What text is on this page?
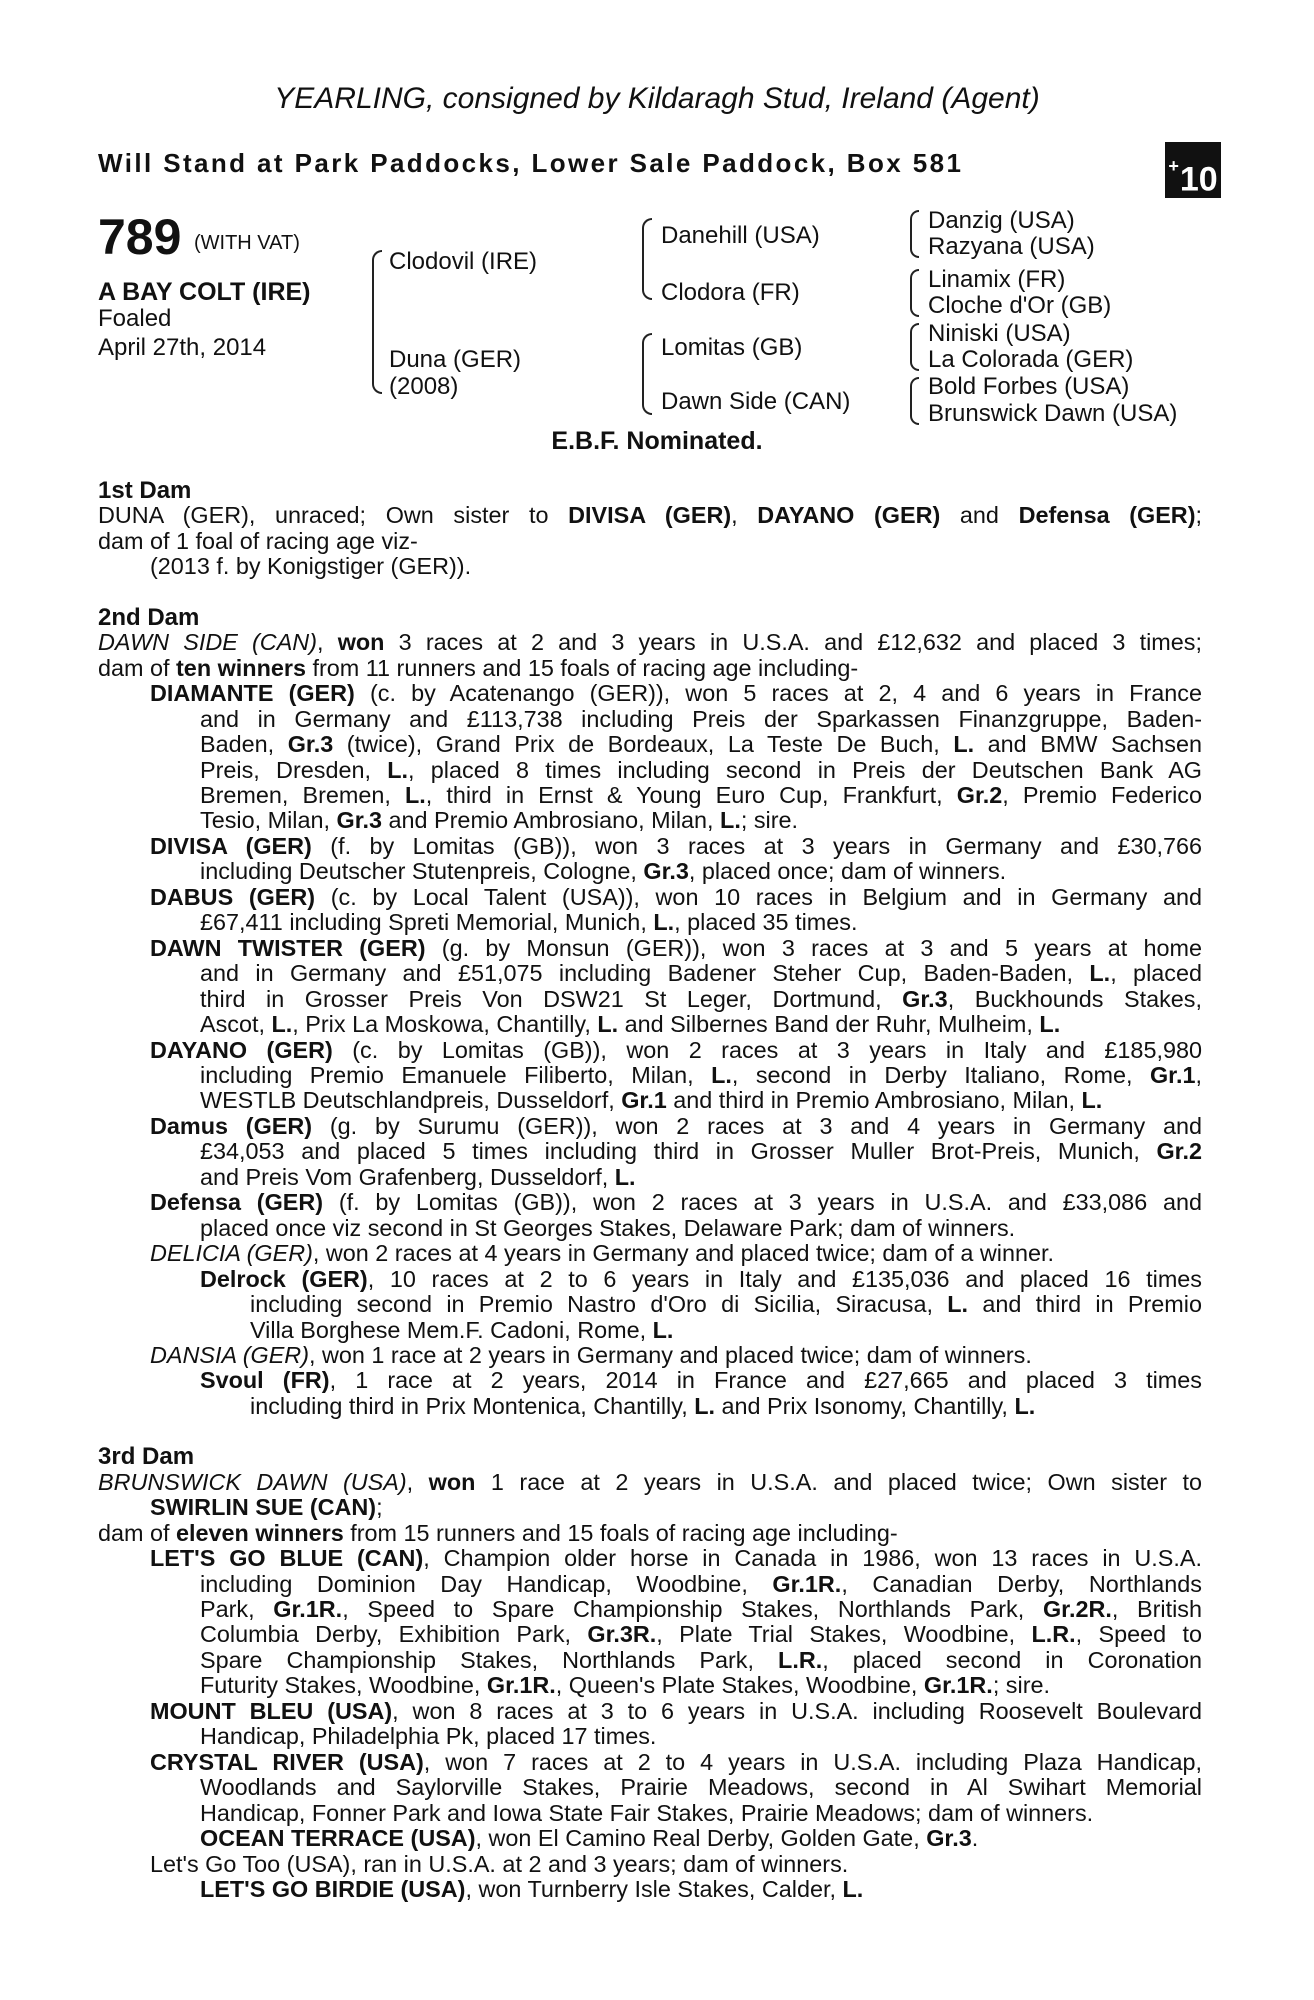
YEARLING, consigned by Kildaragh Stud, Ireland (Agent)
Will Stand at Park Paddocks, Lower Sale Paddock, Box 581	+10
789 (WITH VAT)
A BAY COLT (IRE)
Foaled
April 27th, 2014
Clodovil (IRE)
Duna (GER)
(2008)
Danehill (USA)
Clodora (FR)
Lomitas (GB)
Dawn Side (CAN)
Danzig (USA)
Razyana (USA)
Linamix (FR)
Cloche d'Or (GB)
Niniski (USA)
La Colorada (GER)
Bold Forbes (USA)
Brunswick Dawn (USA)
E.B.F. Nominated.
1st Dam
DUNA (GER), unraced; Own sister to DIVISA (GER), DAYANO (GER) and Defensa (GER);
dam of 1 foal of racing age viz-
(2013 f. by Konigstiger (GER)).
2nd Dam
DAWN SIDE (CAN), won 3 races at 2 and 3 years in U.S.A. and £12,632 and placed 3 times;
dam of ten winners from 11 runners and 15 foals of racing age including-
DIAMANTE (GER) (c. by Acatenango (GER)), won 5 races at 2, 4 and 6 years in France
and in Germany and £113,738 including Preis der Sparkassen Finanzgruppe, Baden-
Baden, Gr.3 (twice), Grand Prix de Bordeaux, La Teste De Buch, L. and BMW Sachsen
Preis, Dresden, L., placed 8 times including second in Preis der Deutschen Bank AG
Bremen, Bremen, L., third in Ernst & Young Euro Cup, Frankfurt, Gr.2, Premio Federico
Tesio, Milan, Gr.3 and Premio Ambrosiano, Milan, L.; sire.
DIVISA (GER) (f. by Lomitas (GB)), won 3 races at 3 years in Germany and £30,766
including Deutscher Stutenpreis, Cologne, Gr.3, placed once; dam of winners.
DABUS (GER) (c. by Local Talent (USA)), won 10 races in Belgium and in Germany and
£67,411 including Spreti Memorial, Munich, L., placed 35 times.
DAWN TWISTER (GER) (g. by Monsun (GER)), won 3 races at 3 and 5 years at home
and in Germany and £51,075 including Badener Steher Cup, Baden-Baden, L., placed
third in Grosser Preis Von DSW21 St Leger, Dortmund, Gr.3, Buckhounds Stakes,
Ascot, L., Prix La Moskowa, Chantilly, L. and Silbernes Band der Ruhr, Mulheim, L.
DAYANO (GER) (c. by Lomitas (GB)), won 2 races at 3 years in Italy and £185,980
including Premio Emanuele Filiberto, Milan, L., second in Derby Italiano, Rome, Gr.1,
WESTLB Deutschlandpreis, Dusseldorf, Gr.1 and third in Premio Ambrosiano, Milan, L.
Damus (GER) (g. by Surumu (GER)), won 2 races at 3 and 4 years in Germany and
£34,053 and placed 5 times including third in Grosser Muller Brot-Preis, Munich, Gr.2
and Preis Vom Grafenberg, Dusseldorf, L.
Defensa (GER) (f. by Lomitas (GB)), won 2 races at 3 years in U.S.A. and £33,086 and
placed once viz second in St Georges Stakes, Delaware Park; dam of winners.
DELICIA (GER), won 2 races at 4 years in Germany and placed twice; dam of a winner.
Delrock (GER), 10 races at 2 to 6 years in Italy and £135,036 and placed 16 times
including second in Premio Nastro d'Oro di Sicilia, Siracusa, L. and third in Premio
Villa Borghese Mem.F. Cadoni, Rome, L.
DANSIA (GER), won 1 race at 2 years in Germany and placed twice; dam of winners.
Svoul (FR), 1 race at 2 years, 2014 in France and £27,665 and placed 3 times
including third in Prix Montenica, Chantilly, L. and Prix Isonomy, Chantilly, L.
3rd Dam
BRUNSWICK DAWN (USA), won 1 race at 2 years in U.S.A. and placed twice; Own sister to
SWIRLIN SUE (CAN);
dam of eleven winners from 15 runners and 15 foals of racing age including-
LET'S GO BLUE (CAN), Champion older horse in Canada in 1986, won 13 races in U.S.A.
including Dominion Day Handicap, Woodbine, Gr.1R., Canadian Derby, Northlands
Park, Gr.1R., Speed to Spare Championship Stakes, Northlands Park, Gr.2R., British
Columbia Derby, Exhibition Park, Gr.3R., Plate Trial Stakes, Woodbine, L.R., Speed to
Spare Championship Stakes, Northlands Park, L.R., placed second in Coronation
Futurity Stakes, Woodbine, Gr.1R., Queen's Plate Stakes, Woodbine, Gr.1R.; sire.
MOUNT BLEU (USA), won 8 races at 3 to 6 years in U.S.A. including Roosevelt Boulevard
Handicap, Philadelphia Pk, placed 17 times.
CRYSTAL RIVER (USA), won 7 races at 2 to 4 years in U.S.A. including Plaza Handicap,
Woodlands and Saylorville Stakes, Prairie Meadows, second in Al Swihart Memorial
Handicap, Fonner Park and Iowa State Fair Stakes, Prairie Meadows; dam of winners.
OCEAN TERRACE (USA), won El Camino Real Derby, Golden Gate, Gr.3.
Let's Go Too (USA), ran in U.S.A. at 2 and 3 years; dam of winners.
LET'S GO BIRDIE (USA), won Turnberry Isle Stakes, Calder, L.
